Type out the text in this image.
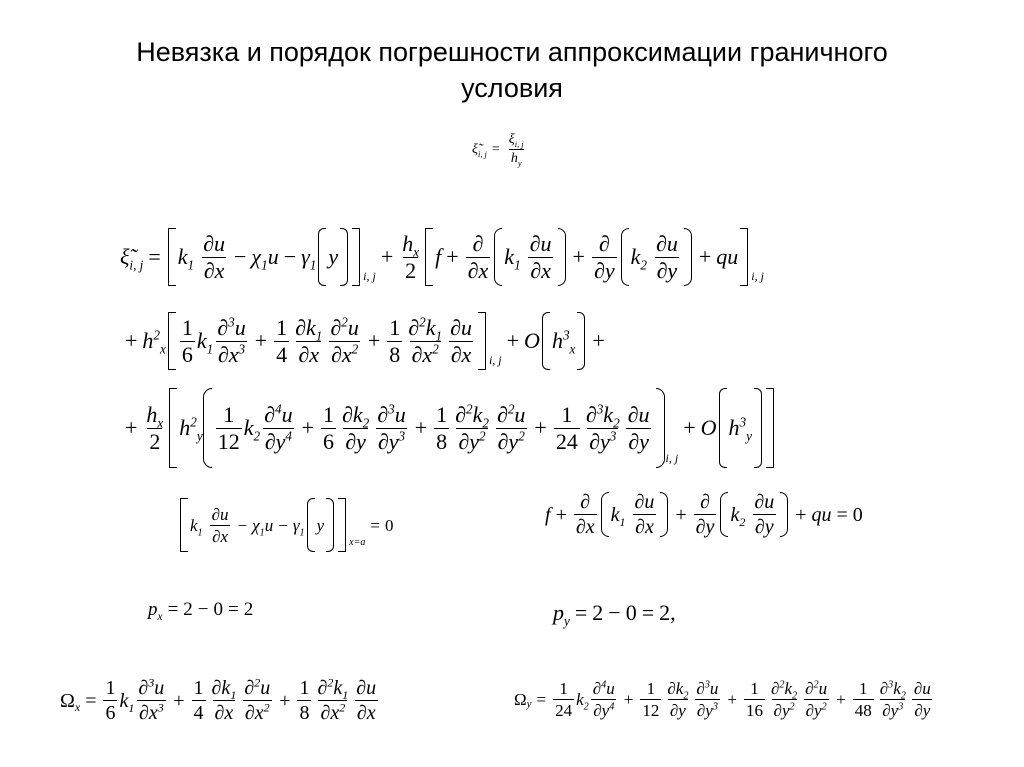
Невязка и порядок погрешности аппроксимации граничного
условия
$\xĩ_{i, j} = \frac{\xi_{i, j}}{h_y}$
$\xĩ_{i, j} = k_1 \frac{\partial u}{\partial x} - \chi_1u - \gamma_1$ y
i, j
+ $\frac{h_x}{2}$ $f + \frac{\partial}{\partial x} k_1 \frac{\partial u}{\partial x} + \frac{\partial}{\partial y} k_2 \frac{\partial u}{\partial y}$ + qu
i, j
+ $h^2_x \frac{1}{6} k_1 \frac{\partial^3u}{\partial x^3} + \frac{1}{4} \frac{\partial k_1}{\partial x} \frac{\partial^2u}{\partial x^2} + \frac{1}{8} \frac{\partial^2k_1}{\partial x^2} \frac{\partial u}{\partial x} i$, j
+ O $h^3_x$ +
+ $\frac{h_x}{2} h^2_y \frac{1}{12} k_2 \frac{\partial^4u}{\partial y^4} + \frac{1}{6} \frac{\partial k_2}{\partial y} \frac{\partial^3u}{\partial y^3} + \frac{1}{8} \frac{\partial^2k_2}{\partial y^2} \frac{\partial^2u}{\partial y^2} + \frac{1}{24} \frac{\partial^3k_2}{\partial y^3} \frac{\partial u}{\partial y}$
i, j
+ O $h^3_y$
$k_1 \frac{\partial u}{\partial x} - \chi_1u - \gamma_1$ y
x=a
= 0	$f + \frac{\partial}{\partial x} k_1 \frac{\partial u}{\partial x} + \frac{\partial}{\partial y} k_2 \frac{\partial u}{\partial y}$ + qu = 0
$p_x = 2 - 0 = 2$	$p_y = 2 - 0 = 2$,
Ω $x = \frac{1}{6} k_1 \frac{\partial^3u}{\partial x^3} + \frac{1}{4} \frac{\partial k_1}{\partial x} \frac{\partial^2u}{\partial x^2} + \frac{1}{8} \frac{\partial^2k_1}{\partial x^2} \frac{\partial u}{\partial x}$	Ω $y = \frac{1}{24} k_2 \frac{\partial^4u}{\partial y^4} + \frac{1}{12} \frac{\partial k_2}{\partial y} \frac{\partial^3u}{\partial y^3} + \frac{1}{16} \frac{\partial^2k_2}{\partial y^2} \frac{\partial^2u}{\partial y^2} + \frac{1}{48} \frac{\partial^3k_2}{\partial y^3} \frac{\partial u}{\partial y}$
